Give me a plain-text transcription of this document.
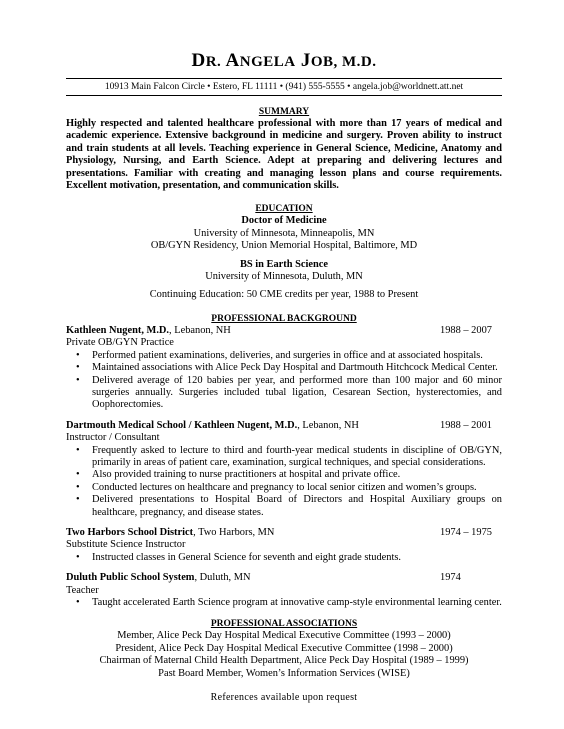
DR. ANGELA JOB, M.D.
10913 Main Falcon Circle • Estero, FL 11111 • (941) 555-5555 • angela.job@worldnett.att.net
SUMMARY
Highly respected and talented healthcare professional with more than 17 years of medical and academic experience. Extensive background in medicine and surgery. Proven ability to instruct and train students at all levels. Teaching experience in General Science, Medicine, Anatomy and Physiology, Nursing, and Earth Science. Adept at preparing and delivering lectures and presentations. Familiar with creating and managing lesson plans and course requirements. Excellent motivation, presentation, and communication skills.
EDUCATION
Doctor of Medicine
University of Minnesota, Minneapolis, MN
OB/GYN Residency, Union Memorial Hospital, Baltimore, MD
BS in Earth Science
University of Minnesota, Duluth, MN
Continuing Education: 50 CME credits per year, 1988 to Present
PROFESSIONAL BACKGROUND
Kathleen Nugent, M.D., Lebanon, NH	1988 – 2007
Private OB/GYN Practice
• Performed patient examinations, deliveries, and surgeries in office and at associated hospitals.
• Maintained associations with Alice Peck Day Hospital and Dartmouth Hitchcock Medical Center.
• Delivered average of 120 babies per year, and performed more than 100 major and 60 minor surgeries annually. Surgeries included tubal ligation, Cesarean Section, hysterectomies, and Oophorectomies.
Dartmouth Medical School / Kathleen Nugent, M.D., Lebanon, NH	1988 – 2001
Instructor / Consultant
• Frequently asked to lecture to third and fourth-year medical students in discipline of OB/GYN, primarily in areas of patient care, examination, surgical techniques, and special considerations.
• Also provided training to nurse practitioners at hospital and private office.
• Conducted lectures on healthcare and pregnancy to local senior citizen and women’s groups.
• Delivered presentations to Hospital Board of Directors and Hospital Auxiliary groups on healthcare, pregnancy, and disease states.
Two Harbors School District, Two Harbors, MN	1974 – 1975
Substitute Science Instructor
• Instructed classes in General Science for seventh and eight grade students.
Duluth Public School System, Duluth, MN	1974
Teacher
• Taught accelerated Earth Science program at innovative camp-style environmental learning center.
PROFESSIONAL ASSOCIATIONS
Member, Alice Peck Day Hospital Medical Executive Committee (1993 – 2000)
President, Alice Peck Day Hospital Medical Executive Committee (1998 – 2000)
Chairman of Maternal Child Health Department, Alice Peck Day Hospital (1989 – 1999)
Past Board Member, Women’s Information Services (WISE)
References available upon request
